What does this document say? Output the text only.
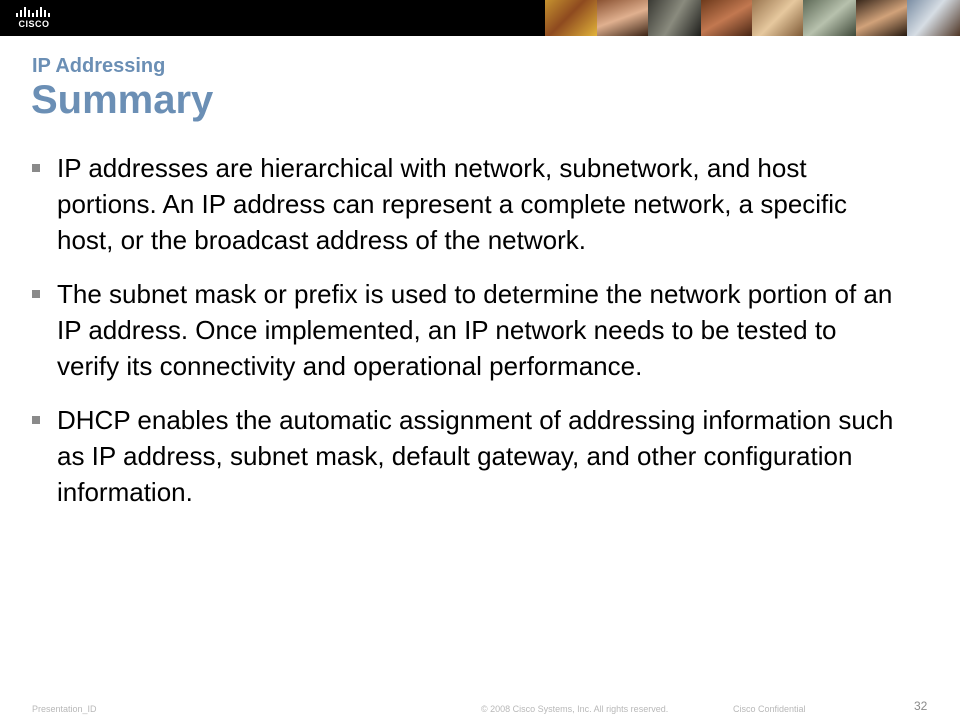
CISCO
IP Addressing
Summary
IP addresses are hierarchical with network, subnetwork, and host portions. An IP address can represent a complete network, a specific host, or the broadcast address of the network.
The subnet mask or prefix is used to determine the network portion of an IP address. Once implemented, an IP network needs to be tested to verify its connectivity and operational performance.
DHCP enables the automatic assignment of addressing information such as IP address, subnet mask, default gateway, and other configuration information.
Presentation_ID	© 2008 Cisco Systems, Inc. All rights reserved.	Cisco Confidential	32
